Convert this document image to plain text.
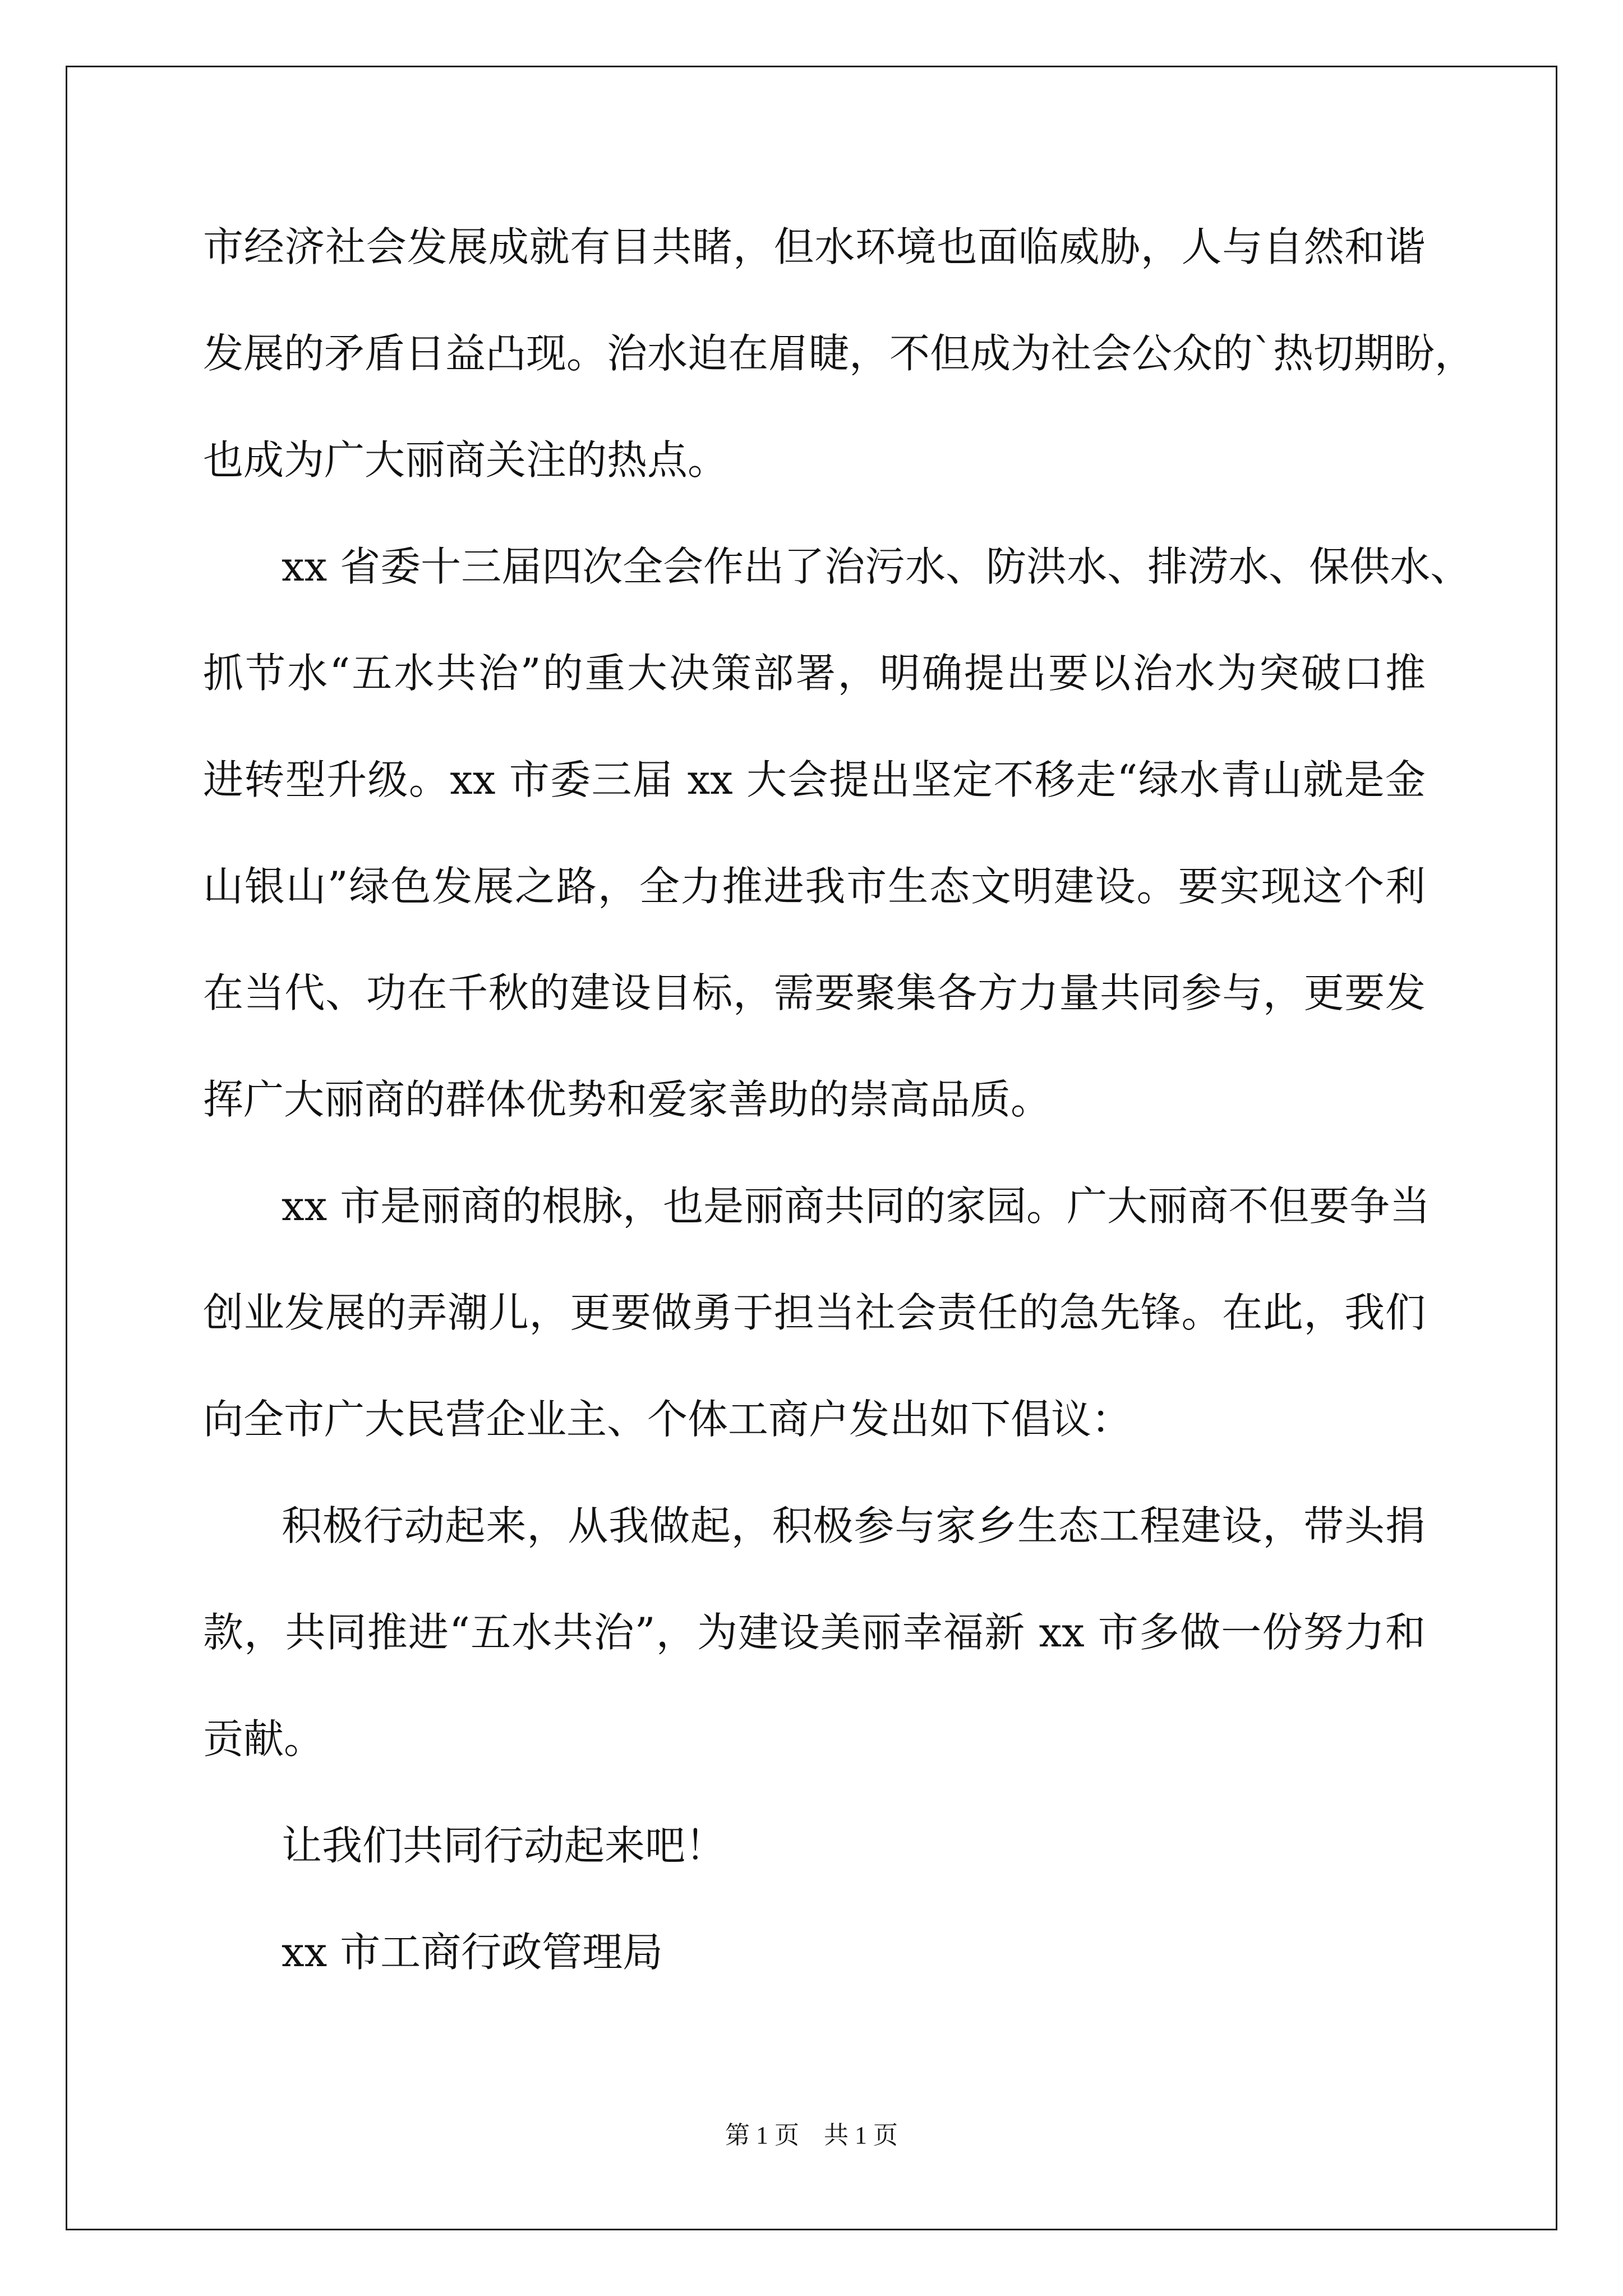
市经济社会发展成就有目共睹，但水环境也面临威胁，人与自然和谐
发展的矛盾日益凸现。治水迫在眉睫，不但成为社会公众的`热切期盼，
也成为广大丽商关注的热点。
xx 省委十三届四次全会作出了治污水、防洪水、排涝水、保供水、
抓节水“五水共治”的重大决策部署，明确提出要以治水为突破口推
进转型升级。xx 市委三届 xx 大会提出坚定不移走“绿水青山就是金
山银山”绿色发展之路，全力推进我市生态文明建设。要实现这个利
在当代、功在千秋的建设目标，需要聚集各方力量共同参与，更要发
挥广大丽商的群体优势和爱家善助的崇高品质。
xx 市是丽商的根脉，也是丽商共同的家园。广大丽商不但要争当
创业发展的弄潮儿，更要做勇于担当社会责任的急先锋。在此，我们
向全市广大民营企业主、个体工商户发出如下倡议：
积极行动起来，从我做起，积极参与家乡生态工程建设，带头捐
款，共同推进“五水共治”，为建设美丽幸福新 xx 市多做一份努力和
贡献。
让我们共同行动起来吧！
xx 市工商行政管理局
第 1 页　共 1 页
